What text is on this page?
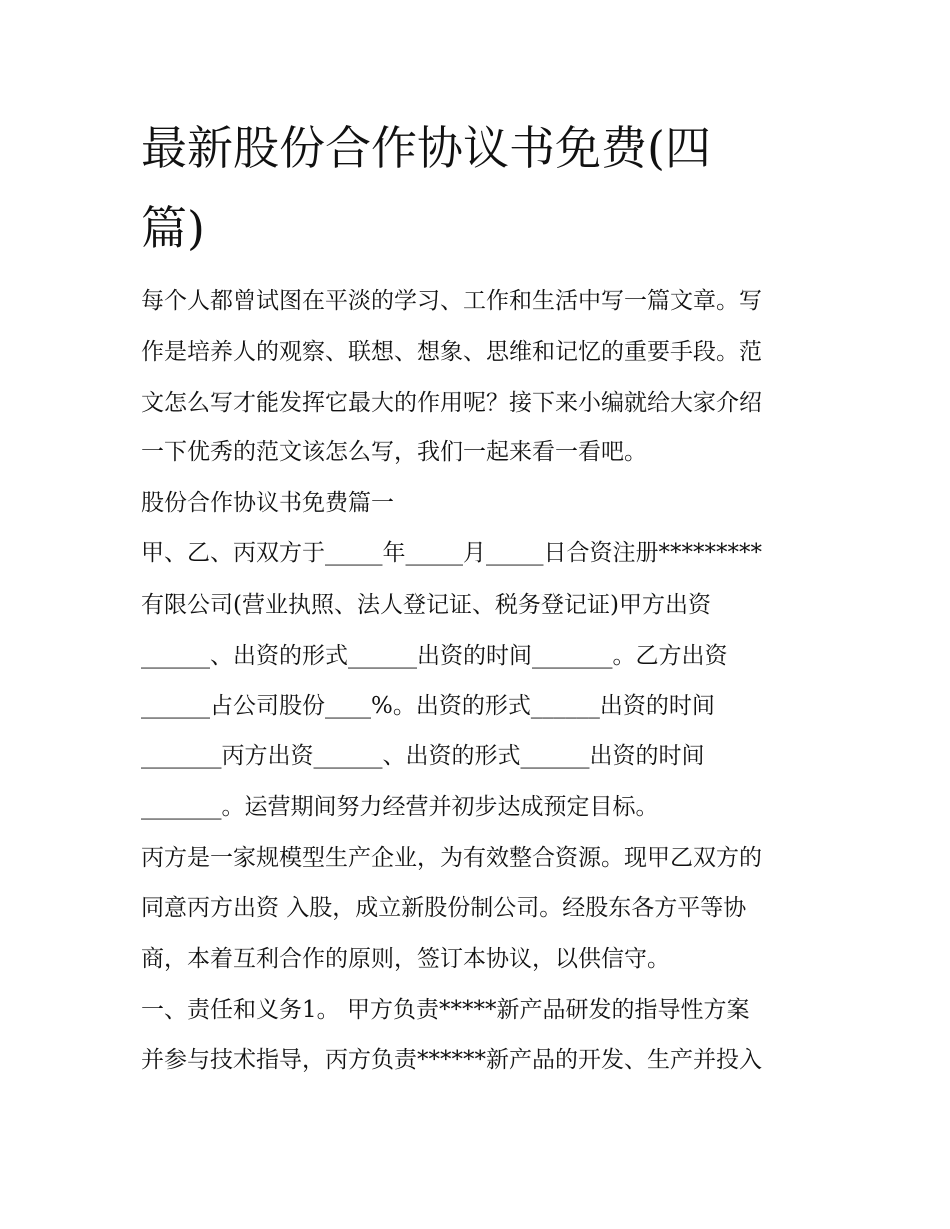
最新股份合作协议书免费(四
篇)

每个人都曾试图在平淡的学习、工作和生活中写一篇文章。写

作是培养人的观察、联想、想象、思维和记忆的重要手段。范

文怎么写才能发挥它最大的作用呢？接下来小编就给大家介绍

一下优秀的范文该怎么写，我们一起来看一看吧。

股份合作协议书免费篇一

甲、乙、丙双方于_____年_____月_____日合资注册*********

有限公司(营业执照、法人登记证、税务登记证)甲方出资

______、出资的形式______出资的时间_______。乙方出资

______占公司股份____%。出资的形式______出资的时间

_______丙方出资______、出资的形式______出资的时间

_______。运营期间努力经营并初步达成预定目标。

丙方是一家规模型生产企业，为有效整合资源。现甲乙双方的

同意丙方出资 入股，成立新股份制公司。经股东各方平等协

商，本着互利合作的原则，签订本协议，以供信守。

一、责任和义务1。 甲方负责*****新产品研发的指导性方案

并参与技术指导，丙方负责******新产品的开发、生产并投入
